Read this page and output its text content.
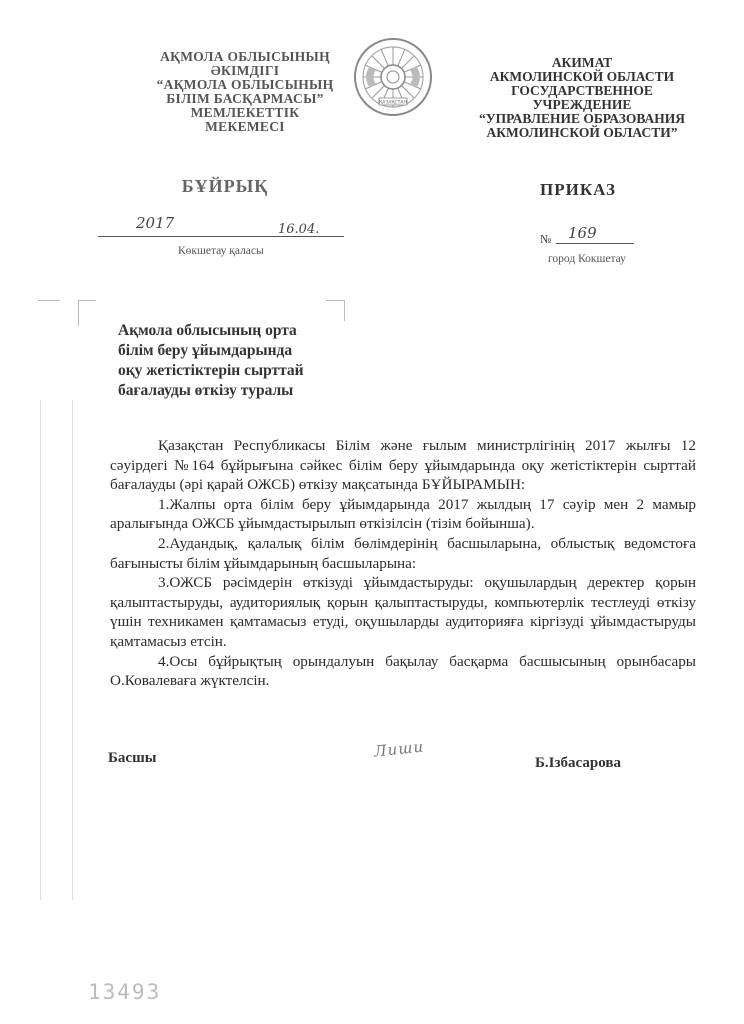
АҚМОЛА ОБЛЫСЫНЫҢ
ӘКІМДІГІ
“АҚМОЛА ОБЛЫСЫНЫҢ
БІЛІМ БАСҚАРМАСЫ”
МЕМЛЕКЕТТІК
МЕКЕМЕСІ
ҚАЗАҚСТАН
АКИМАТ
АКМОЛИНСКОЙ ОБЛАСТИ
ГОСУДАРСТВЕННОЕ
УЧРЕЖДЕНИЕ
“УПРАВЛЕНИЕ ОБРАЗОВАНИЯ
АКМОЛИНСКОЙ ОБЛАСТИ”
БҰЙРЫҚ	ПРИКАЗ
2017	16.04.
Көкшетау қаласы
№ 169
город Кокшетау
Ақмола облысының орта
білім беру ұйымдарында
оқу жетістіктерін сырттай
бағалауды өткізу туралы

Қазақстан Республикасы Білім және ғылым министрлігінің 2017 жылғы 12 сәуірдегі №164 бұйрығына сәйкес білім беру ұйымдарында оқу жетістіктерін сырттай бағалауды (әрі қарай ОЖСБ) өткізу мақсатында БҰЙЫРАМЫН:

1.Жалпы орта білім беру ұйымдарында 2017 жылдың 17 сәуір мен 2 мамыр аралығында ОЖСБ ұйымдастырылып өткізілсін (тізім бойынша).

2.Аудандық, қалалық білім бөлімдерінің басшыларына, облыстық ведомстоға бағынысты білім ұйымдарының басшыларына:

3.ОЖСБ рәсімдерін өткізуді ұйымдастыруды: оқушылардың деректер қорын қалыптастыруды, аудиториялық қорын қалыптастыруды, компьютерлік тестлеуді өткізу үшін техникамен қамтамасыз етуді, оқушыларды аудиторияға кіргізуді ұйымдастыруды қамтамасыз етсін.

4.Осы бұйрықтың орындалуын бақылау басқарма басшысының орынбасары О.Ковалеваға жүктелсін.

Басшы	Лиши
Б.Ізбасарова
13493
